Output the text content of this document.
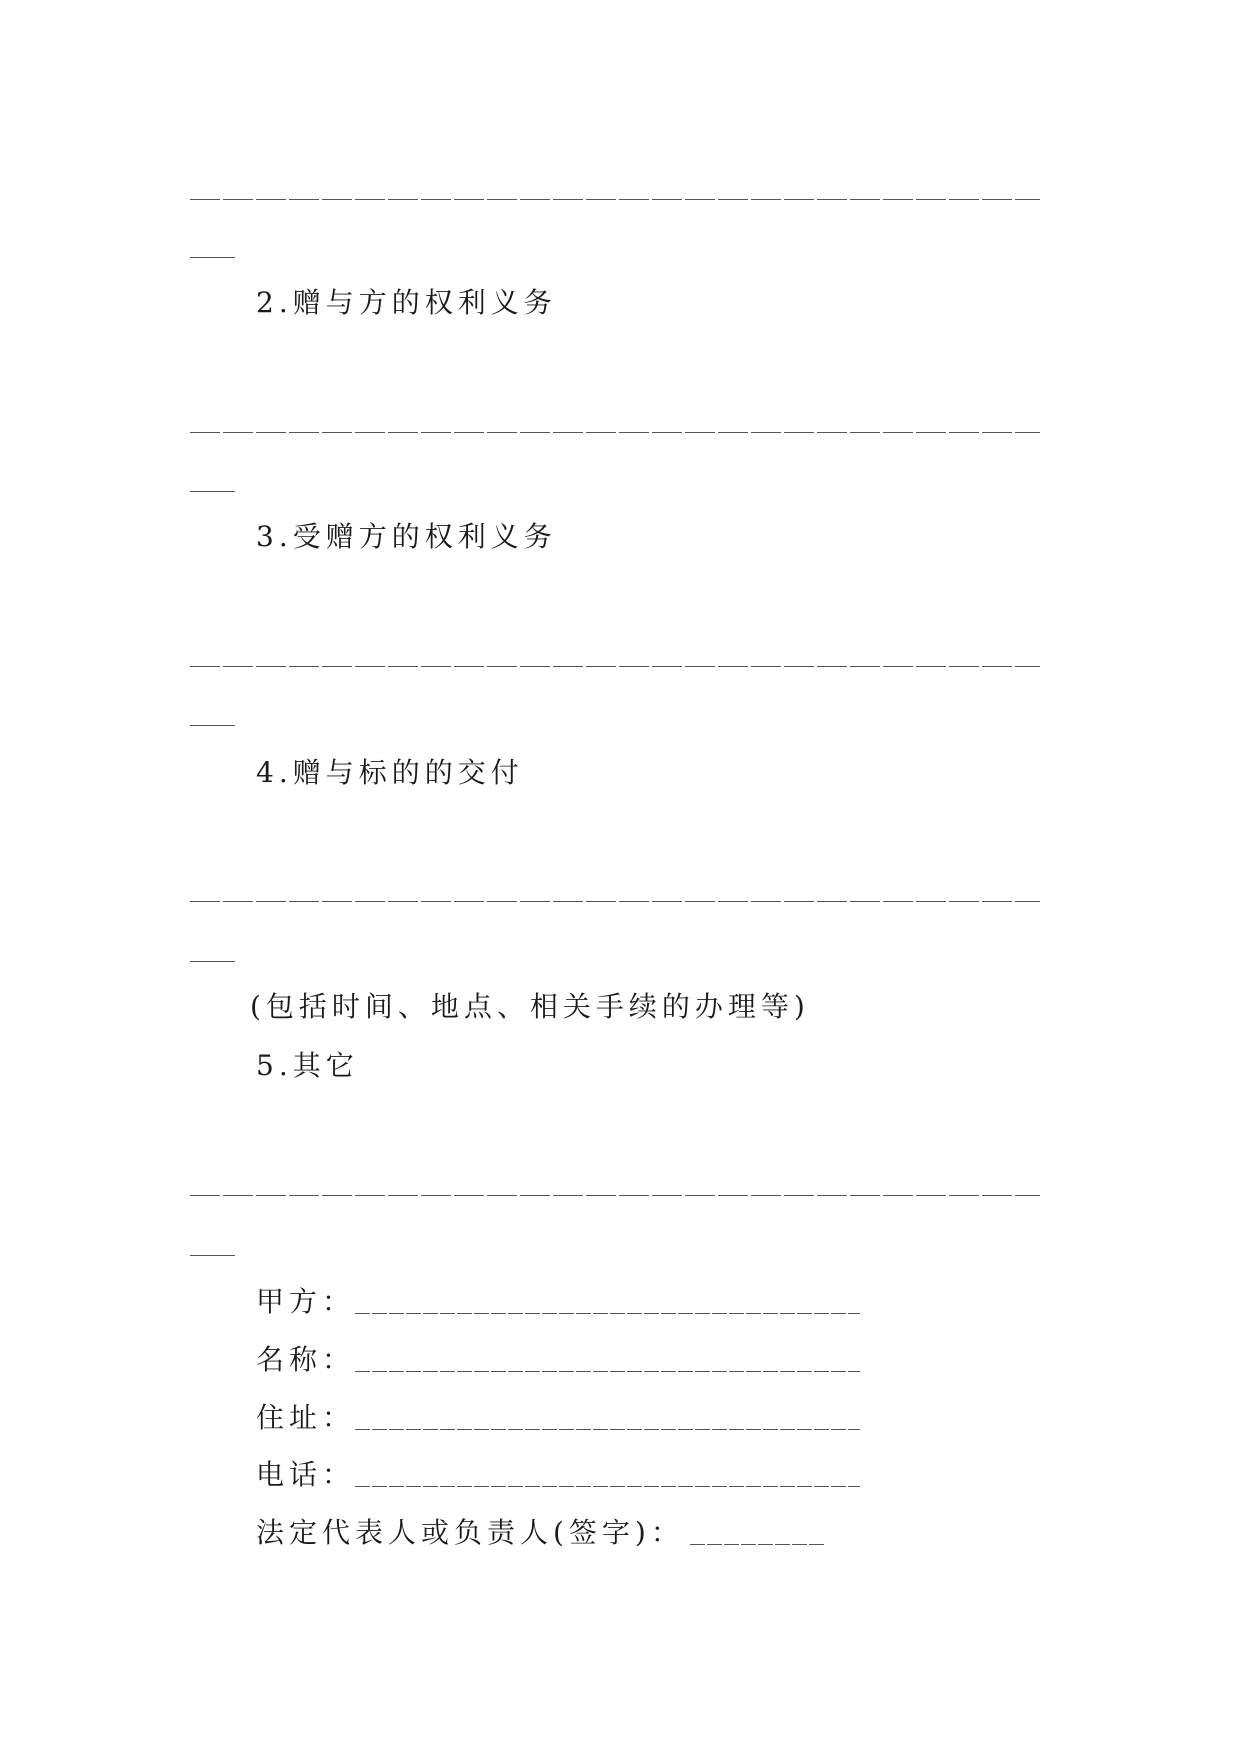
2.赠与方的权利义务
3.受赠方的权利义务
4.赠与标的的交付
(包括时间、地点、相关手续的办理等)
5.其它
甲方：
名称：
住址：
电话：
法定代表人或负责人(签字)：
